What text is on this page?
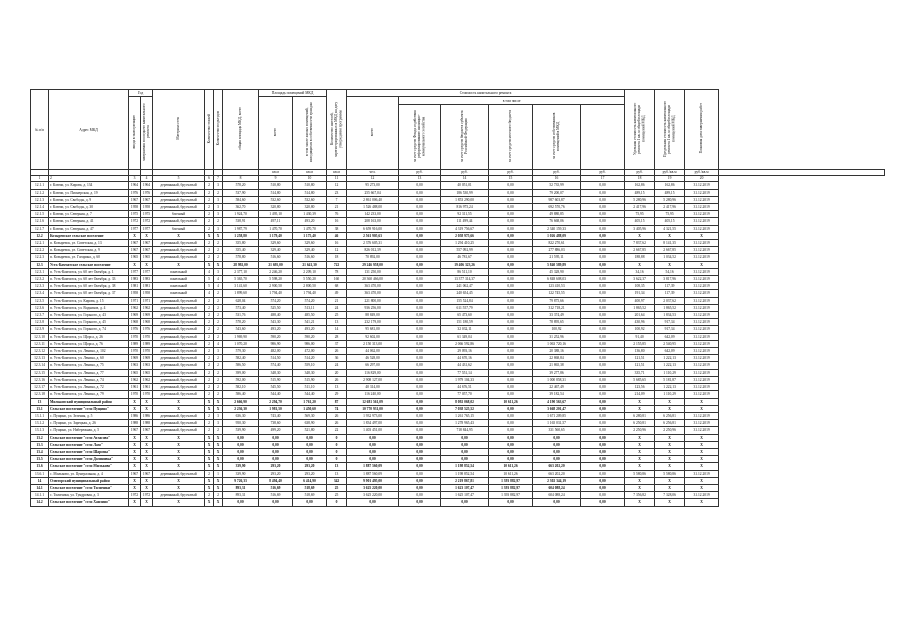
№ п/п	Адрес МКД	Год		Материал стен	Количество этажей	Количество подъездов	общая площадь МКД, всего	Площадь помещений МКД		Количество жителей, зарегистрированных в МКД на дату утверждения программы	Стоимость капитального ремонта						Удельная стоимость капитального ремонта 1 кв. м общей площади помещений МКД	Предельная стоимость капитального ремонта 1 кв. м общей площади помещений МКД	Плановая дата завершения работ	
		ввода в эксплуатацию	завершения последнего капитального ремонта					всего	в том числе жилых помещений, находящихся в собственности граждан		всего	в том числе								
												за счет средств Фонда содействия реформированию жилищно-коммунального хозяйства	за счет средств бюджета субъекта Российской Федерации	за счет средств местного бюджета	за счет средств собственников помещений в МКД					
								кв.м	кв.м	кв.м	чел.	руб.	руб.	руб.	руб.	руб.	руб.	руб./кв.м	руб./кв.м	
1	2	3	4	5	6	7	8	9	10	11	12	13	14	15	16	17	18	19	20	
12.1.1	г. Ключи, ул. Кирова, д. 134	1964	1964	деревянный, брусчатый	2	3	578,20	510,80	510,80	12	95 273,00	0,00	40 051,01	0,00	52 735,99	0,00	162,86	162,86	31.12.2019	
12.1.2	г. Ключи, ул. Пионерская, д. 19	1976	1976	деревянный, брусчатый	2	2	537,90	514,80	514,80	23	255 667,04	0,00	186 530,99	0,00	79 200,07	0,00	489,15	489,15	31.12.2019	
12.1.3	г. Ключи, ул. Свободы, д. 9	1967	1967	деревянный, брусчатый	2	3	584,60	532,60	532,60	7	2 861 006,40	0,00	1 853 290,00	0,00	987 603,87	0,00	5 280,96	5 280,96	31.12.2019	
12.1.4	г. Ключи, ул. Свободы, д. 30	1958	1958	деревянный, брусчатый	2	3	362,70	320,80	320,80	21	1 526 488,00	0,00	816 975,24	0,00	692 570,76	0,00	2 417,96	2 417,96	31.12.2019	
12.1.5	г. Ключи, ул. Северная, д. 7	1975	1975	блочный	2	3	1 924,70	1 495,10	1 430,39	76	142 233,00	0,00	92 311,55	0,00	49 880,85	0,00	75,95	75,95	31.12.2019	
12.1.6	г. Ключи, ул. Северная, д. 41	1972	1972	деревянный, брусчатый	2	2	538,91	497,11	493,20	16	208 163,00	0,00	111 499,44	0,00	76 668,06	0,00	405,15	405,15	31.12.2019	
12.1.7	г. Ключи, ул. Северная, д. 47	1977	1977	блочный	2	3	1 987,79	1 470,70	1 470,70	38	6 659 916,00	0,00	4 319 756,67	0,00	2 340 159,33	0,00	3 405,96	4 321,55	31.12.2019	
12.2	Козыревское сельское поселение	X	X	X	X	X	1 258,80	1 179,40	1 175,40	46	2 561 905,63	0,00	2 058 975,66	0,00	1 026 488,09	0,00	X	X	X	
12.2.1	п. Козыревск, ул. Советская, д. 13	1967	1967	деревянный, брусчатый	2	2	355,80	329,60	329,60	16	2 376 605,31	0,00	1 294 410,25	0,00	822 270,61	0,00	7 837,62	8 141,35	31.12.2019	
12.2.2	п. Козыревск, ул. Советская, д. 9	1967	1967	деревянный, брусчатый	2	2	355,40	329,40	329,40	12	826 012,39	0,00	557 092,99	0,00	277 886,03	0,00	2 667,85	2 667,85	31.12.2019	
12.2.3	п. Козыревск, ул. Гагарина, д. 60	1965	1965	деревянный, брусчатый	2	2	578,80	516,60	516,60	18	70 892,00	0,00	46 781,67	0,00	21 595,11	0,00	188,88	1 034,52	31.12.2019	
12.3	Усть-Камчатское сельское поселение	X	X	X	X	X	28 992,00	21 695,00	21 641,30	722	29 246 958,00	0,00	19 406 323,26	0,00	5 840 589,89	0,00	X	X	X	
12.3.1	п. Усть-Камчатск, ул. 60 лет Октября, д. 1	1977	1977	панельный	4	3	2 377,10	2 246,20	2 209,10	78	131 250,00	0,00	86 511,10	0,00	45 328,90	0,00	34,16	54,16	31.12.2019	
12.3.2	п. Усть-Камчатск, ул. 60 лет Октября, д. 33	1983	1983	панельный	5	4	5 365,70	5 598,20	5 550,20	160	20 360 466,00	0,00	13 377 314,37	0,00	6 848 608,03	0,00	3 622,37	3 817,96	31.12.2019	
12.3.3	п. Усть-Камчатск, ул. 60 лет Октября, д. 38	1981	1981	панельный	5	4	3 141,60	2 900,50	2 800,50	68	363 470,00	0,00	241 062,47	0,00	123 410,53	0,00	108,35	117,39	31.12.2019	
12.3.4	п. Усть-Камчатск, ул. 60 лет Октября, д. 37	1958	1958	панельный	4	2	1 899,60	1 794,40	1 794,40	49	363 470,00	0,00	240 654,45	0,00	122 745,55	0,00	191,34	117,39	31.12.2019	
12.3.5	п. Усть-Камчатск, ул. Кирова, д. 15	1971	1971	деревянный, брусчатый	2	2	628,04	574,20	574,20	21	221 800,00	0,00	155 524,84	0,00	79 875,66	0,00	400,97	2 037,62	31.12.2019	
12.3.6	п. Усть-Камчатск, ул. Водников, д. 4	1962	1962	деревянный, брусчатый	2	2	573,40	525,50	513,11	24	936 256,00	0,00	611 557,79	0,00	312 718,21	0,00	1 865,52	1 865,52	31.12.2019	
12.3.7	п. Усть-Камчатск, ул. Горького, д. 43	1969	1969	деревянный, брусчатый	2	2	531,76	488,40	485,50	25	88 849,00	0,00	65 473,60	0,00	33 374,49	0,00	201,64	1 834,53	31.12.2019	
12.3.8	п. Усть-Камчатск, ул. Горького, д. 45	1968	1968	деревянный, брусчатый	2	2	578,20	543,30	541,21	13	232 179,00	0,00	151 180,59	0,00	78 895,65	0,00	430,96	917,34	31.12.2019	
12.3.9	п. Усть-Камчатск, ул. Горького, д. 74	1976	1976	деревянный, брусчатый	2	2	543,60	493,20	493,20	14	95 681,00	0,00	32 032,11	0,00	100,92	0,00	100,92	917,34	31.12.2019	
12.3.10	п. Усть-Камчатск, ул. Щорса, д. 26	1970	1970	деревянный, брусчатый	2	2	1 969,90	590,20	590,20	28	92 602,00	0,00	61 349,04	0,00	31 252,96	0,00	91,40	642,09	31.12.2019	
12.3.11	п. Усть-Камчатск, ул. Щорса, д. 76	1989	1989	деревянный, брусчатый	2	4	1 070,20	986,90	986,00	37	2 150 313,00	0,00	2 066 592,86	0,00	1 063 720,16	0,00	2 155,85	2 540,95	31.12.2019	
12.3.12	п. Усть-Камчатск, ул. Ленина, д. 102	1970	1970	деревянный, брусчатый	2	3	579,30	482,00	472,00	26	44 062,00	0,00	29 093,16	0,00	20 388,16	0,00	136,80	642,09	31.12.2019	
12.3.13	п. Усть-Камчатск, ул. Ленина, д. 60	1969	1969	деревянный, брусчатый	2	2	582,40	514,50	514,20	36	46 528,00	0,00	44 670,16	0,00	22 868,84	0,00	121,51	1 222,13	31.12.2019	
12.3.14	п. Усть-Камчатск, ул. Ленина, д. 75	1963	1963	деревянный, брусчатый	2	2	586,50	574,40	559,10	24	66 297,00	0,00	44 431,62	0,00	21 865,38	0,00	121,51	1 222,13	31.12.2019	
12.3.15	п. Усть-Камчатск, ул. Ленина, д. 77	1965	1965	деревянный, брусчатый	2	2	399,00	348,30	348,30	20	116 829,00	0,00	77 551,14	0,00	39 277,86	0,00	335,71	1 110,29	31.12.2019	
12.3.16	п. Усть-Камчатск, ул. Ленина, д. 74	1962	1962	деревянный, брусчатый	2	2	592,00	515,90	515,90	26	2 908 127,00	0,00	1 979 104,33	0,00	1 000 858,31	0,00	5 685,65	5 181,87	31.12.2019	
12.3.17	п. Усть-Камчатск, ул. Ленина, д. 72	1961	1961	деревянный, брусчатый	2	2	582,10	545,50	511,10	13	40 314,00	0,00	44 676,51	0,00	22 467,49	0,00	123,56	1 222,13	31.12.2019	
12.3.18	п. Усть-Камчатск, ул. Ленина, д. 79	1970	1970	деревянный, брусчатый	2	2	586,40	544,40	544,40	29	116 240,00	0,00	77 057,70	0,00	39 182,54	0,00	214,09	1 110,29	31.12.2019	
13	Мильковский муниципальный район	X	X	X	X	X	2 666,90	2 294,70	1 761,20	87	12 681 561,09	0,00	8 092 068,02	10 611,26	4 190 563,67	0,00	X	X	X	
13.1	Сельское поселение "село Пущино"	X	X	X	X	X	2 236,30	1 981,50	1 450,60	74	10 770 931,00	0,00	7 038 525,52	0,00	3 668 201,47	0,00	X	X	X	
13.1.1	с. Пущино, ул. Зеленая, д. 5	1986	1986	деревянный, брусчатый	2	3	636,30	743,40	569,30	26	1 932 973,00	0,00	1 261 765,15	0,00	1 671 209,85	0,00	6 280,81	6 256,81	31.12.2019	
13.1.2	с. Пущино, ул. Зарецкая, д. 26	1988	1988	деревянный, брусчатый	2	3	950,30	738,60	638,90	26	1 834 497,00	0,00	1 278 965,43	0,00	1 165 031,57	0,00	6 250,81	6 256,81	31.12.2019	
13.1.3	с. Пущино, ул. Набережная, д. 5	1967	1967	деревянный, брусчатый	2	2	539,90	499,20	521,80	22	1 403 451,00	0,00	718 844,95	0,00	331 560,65	0,00	2 250,96	2 250,96	31.12.2019	
13.2	Сельское поселение "село Атласово"	X	X	X	X	X	0,00	0,00	0,00	0	0,00	0,00	0,00	0,00	0,00	0,00	X	X	X	
13.3	Сельское поселение "село Лазо"	X	X	X	X	X	0,00	0,00	0,00	0	0,00	0,00	0,00	0,00	0,00	0,00	X	X	X	
13.4	Сельское поселение "село Шаромы"	X	X	X	X	X	0,00	0,00	0,00	0	0,00	0,00	0,00	0,00	0,00	0,00	X	X	X	
13.5	Сельское поселение "село Долиновка"	X	X	X	X	X	0,00	0,00	0,00	0	0,00	0,00	0,00	0,00	0,00	0,00	X	X	X	
13.6	Сельское поселение "село Мильково"	X	X	X	X	X	339,90	293,20	293,20	13	1 887 560,09	0,00	1 198 852,54	10 611,26	663 202,20	0,00	X	X	X	
13.6.1	с. Мильково, ул. Центральная, д. 4	1967	1967	деревянный, брусчатый	2	1	339,90	293,20	293,20	13	1 887 560,09	0,00	1 198 852,54	10 611,26	663 202,20	0,00	5 580,86	5 580,86	31.12.2019	
14	Олюторский муниципальный район	X	X	X	X	X	9 726,33	8 494,40	6 414,90	342	9 901 495,00	0,00	2 219 867,81	1 393 882,97	2 302 344,19	0,00	X	X	X	
14.1	Сельское поселение "село Тиличики"	X	X	X	X	X	893,31	516,69	518,69	25	3 625 220,00	0,00	1 623 107,47	1 393 882,97	604 088,24	0,00	X	X	X	
14.1.1	с. Тиличики, ул. Тундровая, д. 3	1972	1972	деревянный, брусчатый	2	2	893,31	516,69	518,69	25	3 625 220,00	0,00	1 625 107,47	1 393 882,97	604 088,24	0,00	7 356,82	7 328,06	31.12.2019	
14.2	Сельское поселение "село Хаилино"	X	X	X	X	X	0,00	0,00	0,00	0	0,00	0,00	0,00	0,00	0,00	0,00	X	X	X	
